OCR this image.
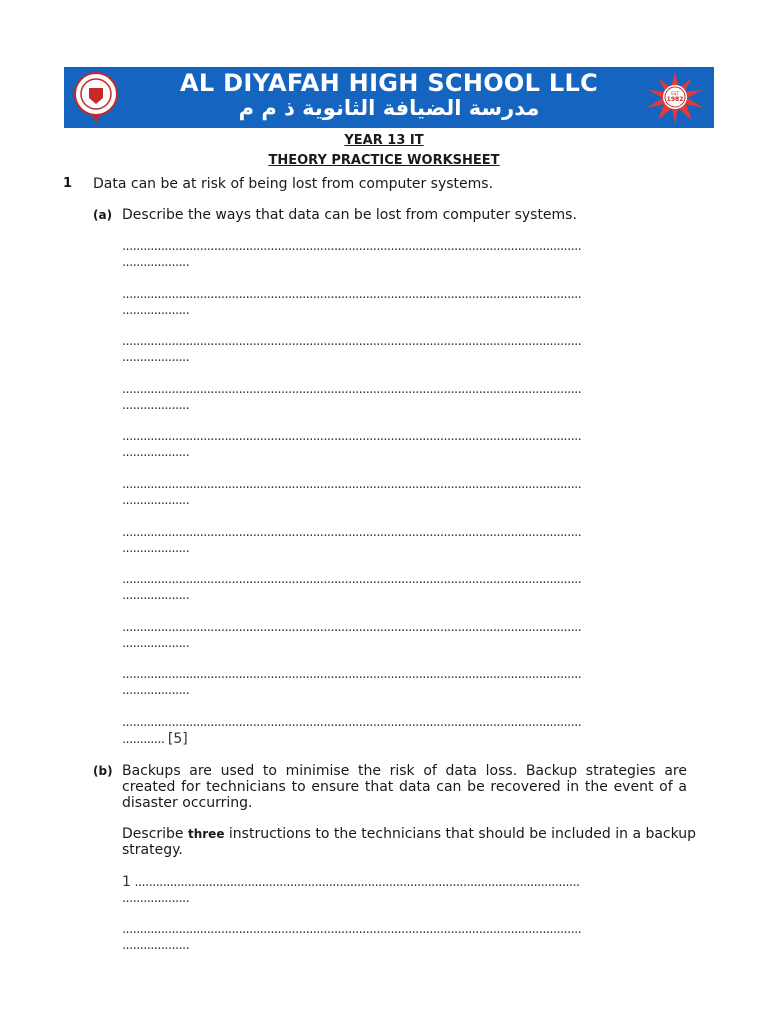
AL DIYAFAH HIGH SCHOOL LLC
مدرسة الضيافة الثانوية ذ م م
EST
1982
YEAR 13 IT
THEORY PRACTICE WORKSHEET
1 Data can be at risk of being lost from computer systems.
(a) Describe the ways that data can be lost from computer systems.
..................................................................................................................................
...................
..................................................................................................................................
...................
..................................................................................................................................
...................
..................................................................................................................................
...................
..................................................................................................................................
...................
..................................................................................................................................
...................
..................................................................................................................................
...................
..................................................................................................................................
...................
..................................................................................................................................
...................
..................................................................................................................................
...................
..................................................................................................................................
............ [5]
(b) Backups are used to minimise the risk of data loss. Backup strategies are created for technicians to ensure that data can be recovered in the event of a disaster occurring.
Describe three instructions to the technicians that should be included in a backup strategy.
1 ..............................................................................................................................
...................
..................................................................................................................................
...................
